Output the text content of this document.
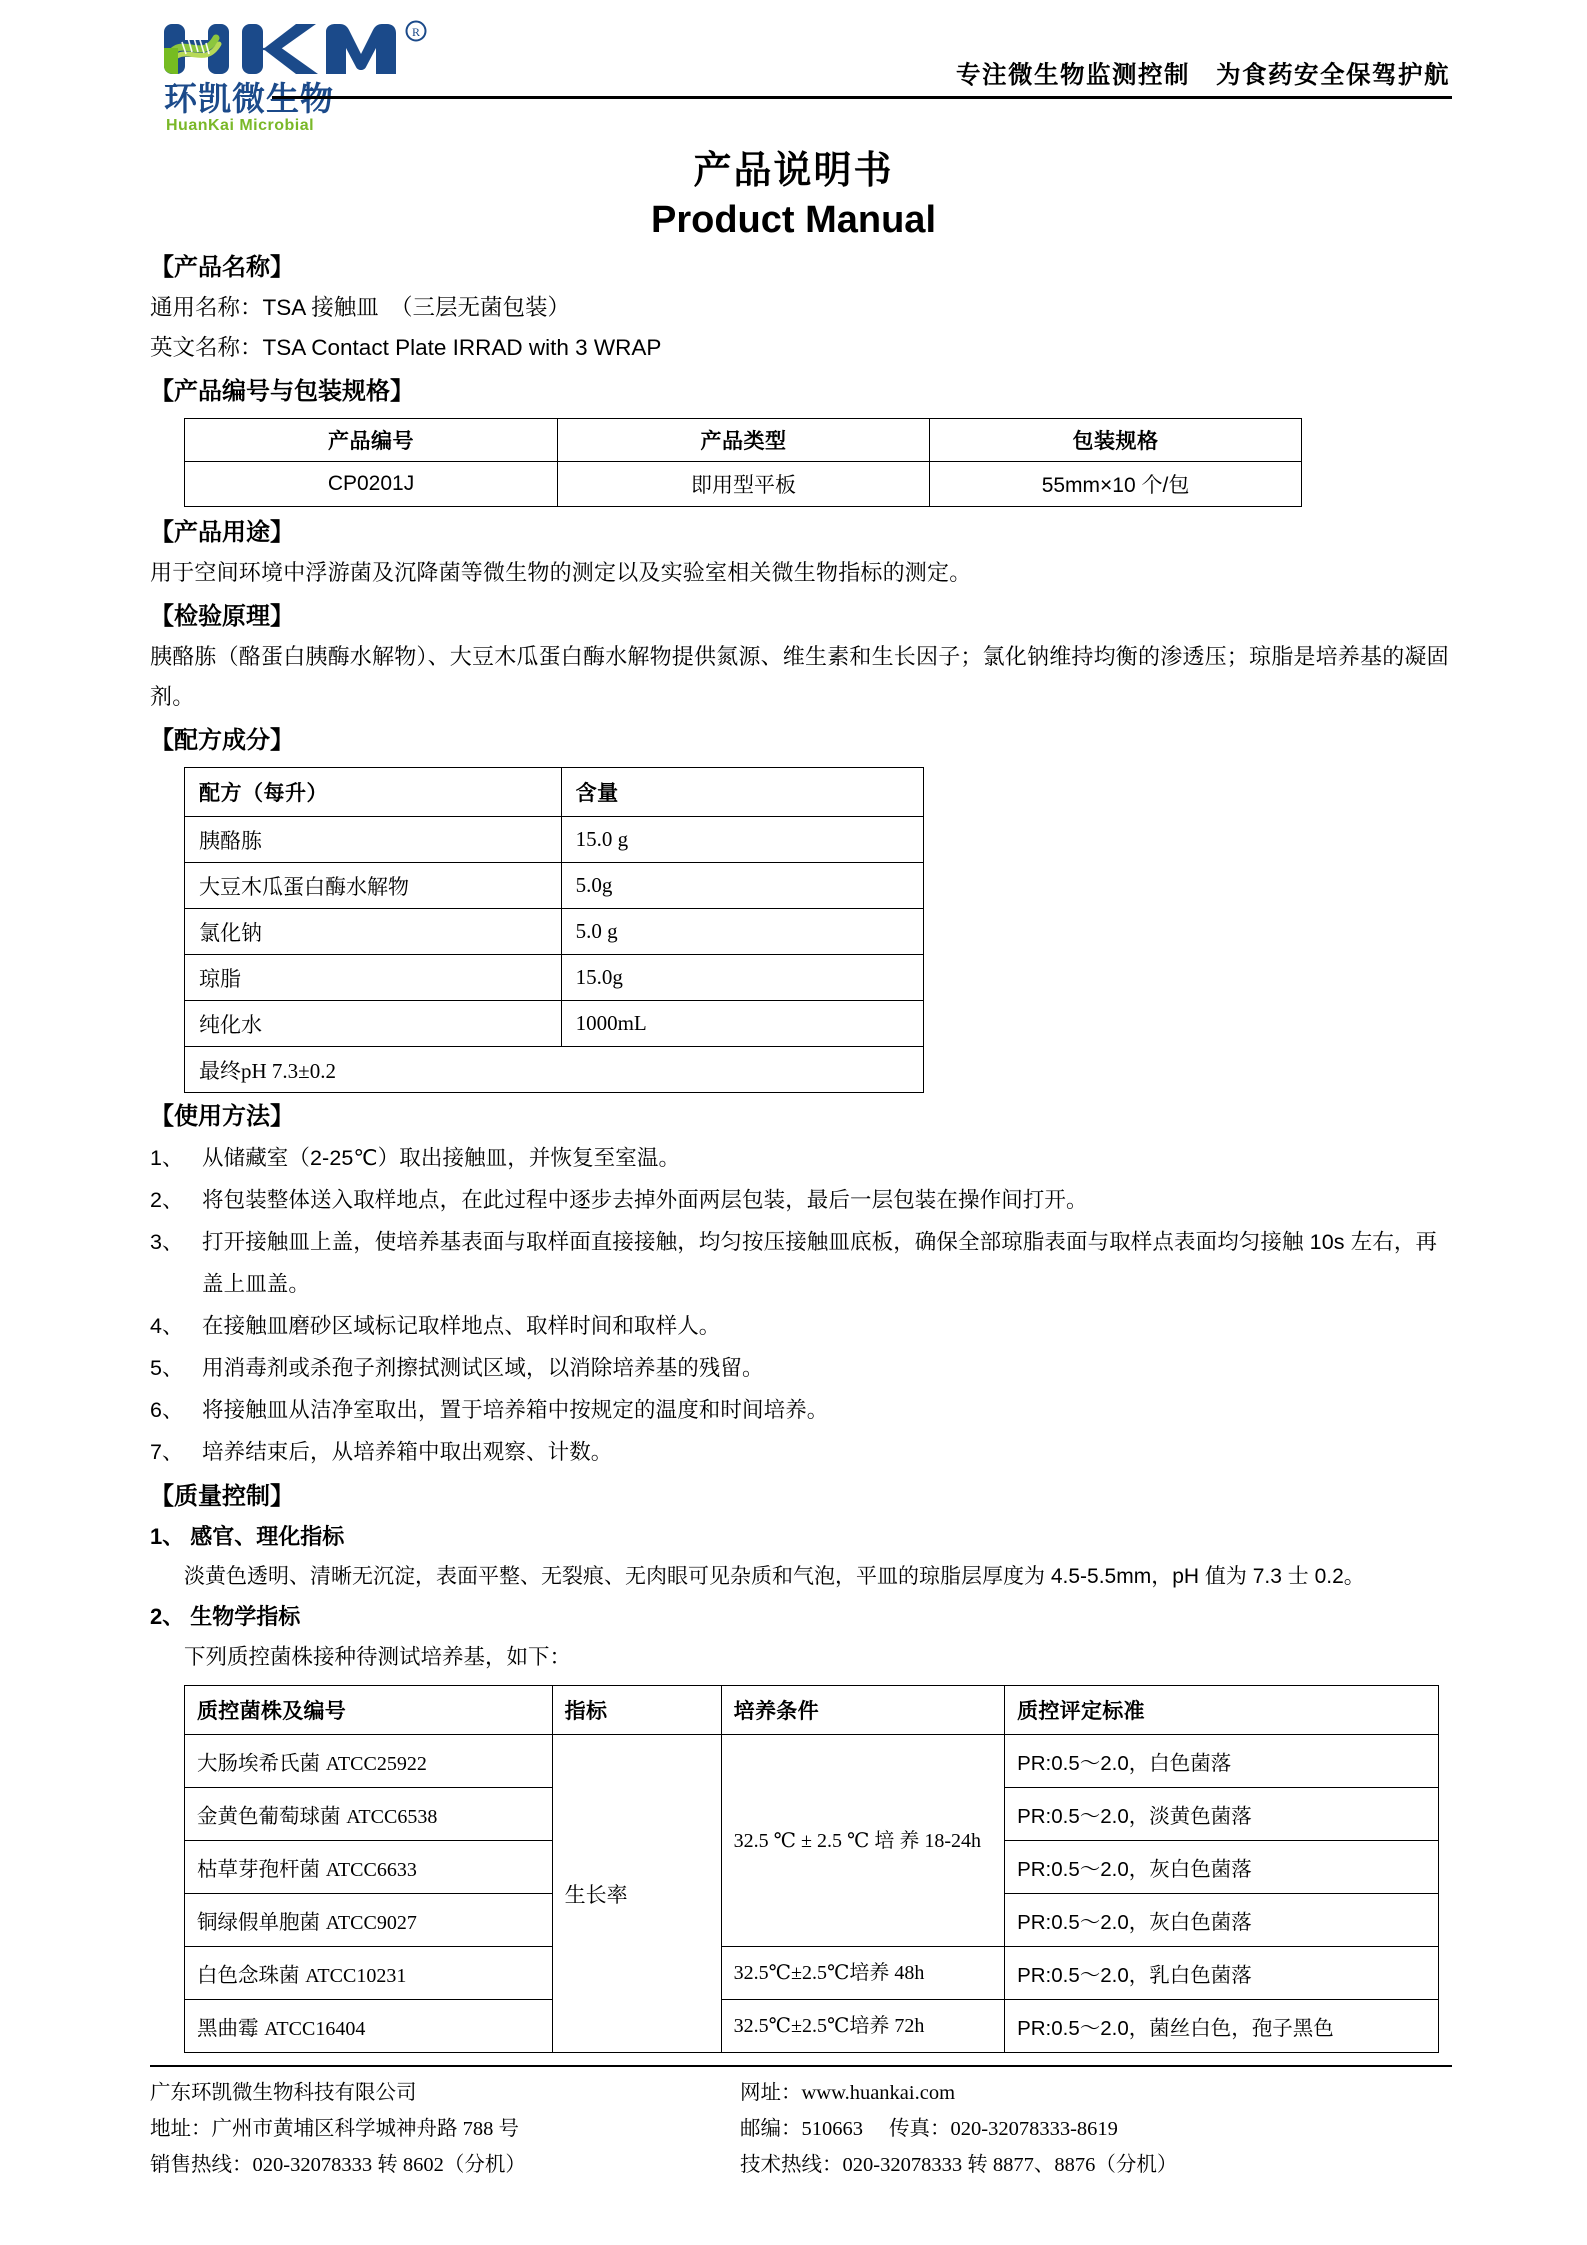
R
环凯微生物
HuanKai Microbial
专注微生物监测控制　为食药安全保驾护航
产品说明书
Product Manual
【产品名称】
通用名称：TSA 接触皿　（三层无菌包装）
英文名称：TSA Contact Plate IRRAD with 3 WRAP
【产品编号与包装规格】
产品编号	产品类型	包装规格
CP0201J	即用型平板	55mm×10 个/包
【产品用途】
用于空间环境中浮游菌及沉降菌等微生物的测定以及实验室相关微生物指标的测定。
【检验原理】
胰酪胨（酪蛋白胰酶水解物）、大豆木瓜蛋白酶水解物提供氮源、维生素和生长因子；氯化钠维持均衡的渗透压；琼脂是培养基的凝固剂。
【配方成分】
配方（每升）	含量
胰酪胨	15.0 g
大豆木瓜蛋白酶水解物	5.0g
氯化钠	5.0 g
琼脂	15.0g
纯化水	1000mL
最终pH 7.3±0.2	
【使用方法】
1、 从储藏室（2-25℃）取出接触皿，并恢复至室温。
2、 将包装整体送入取样地点，在此过程中逐步去掉外面两层包装，最后一层包装在操作间打开。
3、 打开接触皿上盖，使培养基表面与取样面直接接触，均匀按压接触皿底板，确保全部琼脂表面与取样点表面均匀接触 10s 左右，再盖上皿盖。
4、 在接触皿磨砂区域标记取样地点、取样时间和取样人。
5、 用消毒剂或杀孢子剂擦拭测试区域，以消除培养基的残留。
6、 将接触皿从洁净室取出，置于培养箱中按规定的温度和时间培养。
7、 培养结束后，从培养箱中取出观察、计数。
【质量控制】
1、 感官、理化指标
淡黄色透明、清晰无沉淀，表面平整、无裂痕、无肉眼可见杂质和气泡，平皿的琼脂层厚度为 4.5-5.5mm，pH 值为 7.3 士 0.2。
2、 生物学指标
下列质控菌株接种待测试培养基，如下：
质控菌株及编号	指标	培养条件	质控评定标准
大肠埃希氏菌 ATCC25922	生长率	32.5 ℃ ± 2.5 ℃ 培 养 18-24h	PR:0.5～2.0，白色菌落
金黄色葡萄球菌 ATCC6538			PR:0.5～2.0，淡黄色菌落
枯草芽孢杆菌 ATCC6633			PR:0.5～2.0，灰白色菌落
铜绿假单胞菌 ATCC9027			PR:0.5～2.0，灰白色菌落
白色念珠菌 ATCC10231		32.5℃±2.5℃培养 48h	PR:0.5～2.0，乳白色菌落
黑曲霉 ATCC16404		32.5℃±2.5℃培养 72h	PR:0.5～2.0，菌丝白色，孢子黑色
广东环凯微生物科技有限公司
地址：广州市黄埔区科学城神舟路 788 号
销售热线：020-32078333 转 8602（分机）
网址：www.huankai.com
邮编：510663 传真：020-32078333-8619
技术热线：020-32078333 转 8877、8876（分机）
